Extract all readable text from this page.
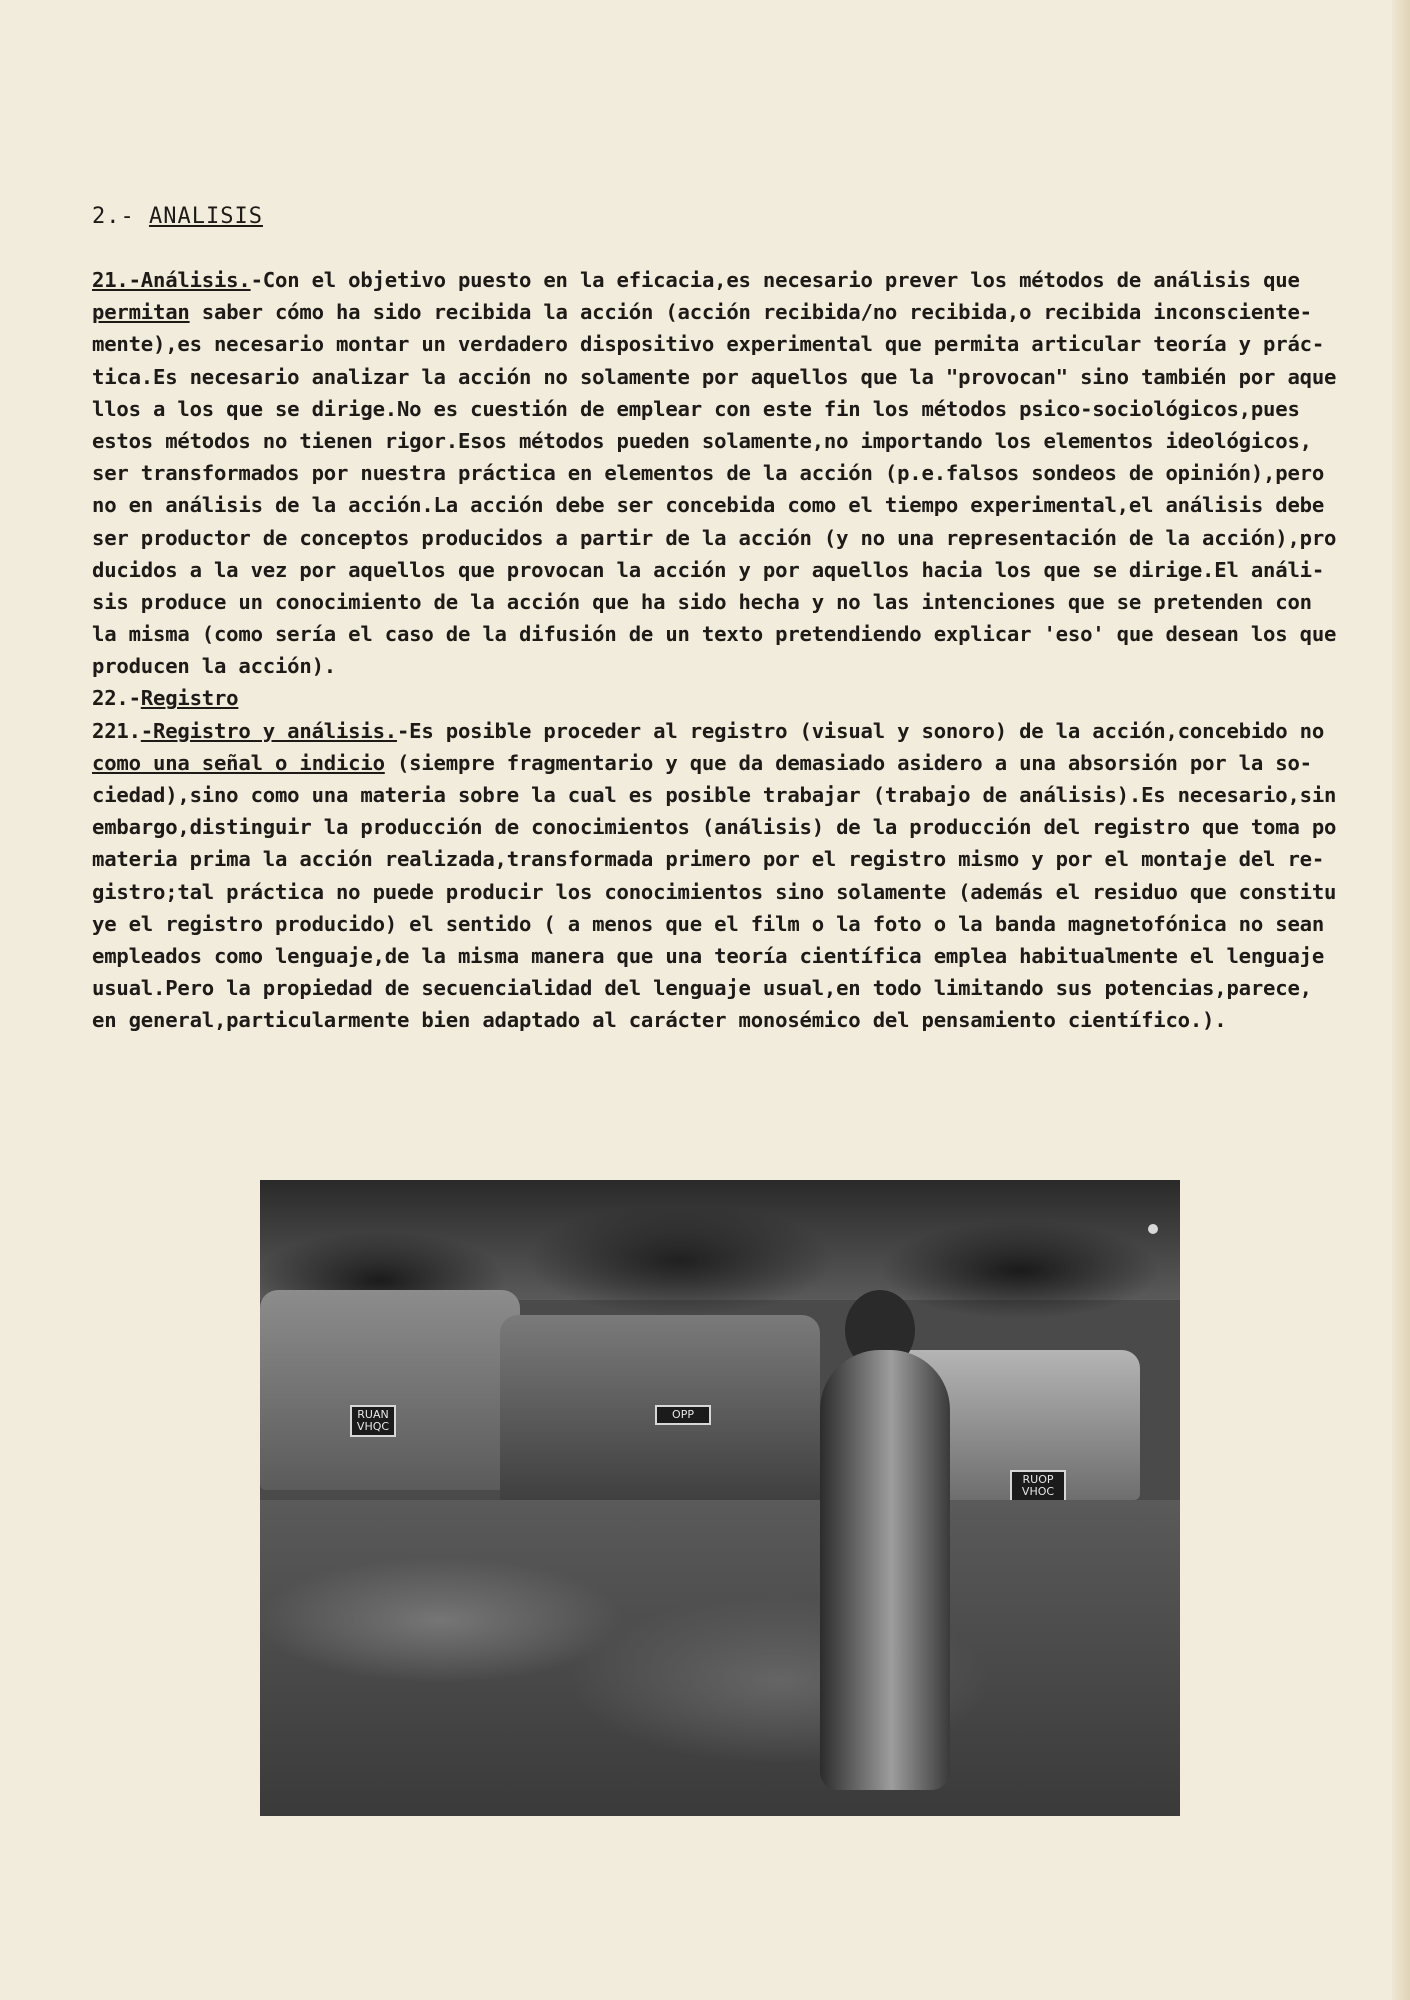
2.- ANALISIS
21.-Análisis.-Con el objetivo puesto en la eficacia,es necesario prever los métodos de análisis que
permitan saber cómo ha sido recibida la acción (acción recibida/no recibida,o recibida inconsciente-
mente),es necesario montar un verdadero dispositivo experimental que permita articular teoría y prác-
tica.Es necesario analizar la acción no solamente por aquellos que la "provocan" sino también por aque
llos a los que se dirige.No es cuestión de emplear con este fin los métodos psico-sociológicos,pues
estos métodos no tienen rigor.Esos métodos pueden solamente,no importando los elementos ideológicos,
ser transformados por nuestra práctica en elementos de la acción (p.e.falsos sondeos de opinión),pero
no en análisis de la acción.La acción debe ser concebida como el tiempo experimental,el análisis debe
ser productor de conceptos producidos a partir de la acción (y no una representación de la acción),pro
ducidos a la vez por aquellos que provocan la acción y por aquellos hacia los que se dirige.El análi-
sis produce un conocimiento de la acción que ha sido hecha y no las intenciones que se pretenden con
la misma (como sería el caso de la difusión de un texto pretendiendo explicar 'eso' que desean los que
producen la acción).
22.-Registro
221.-Registro y análisis.-Es posible proceder al registro (visual y sonoro) de la acción,concebido no
como una señal o indicio (siempre fragmentario y que da demasiado asidero a una absorsión por la so-
ciedad),sino como una materia sobre la cual es posible trabajar (trabajo de análisis).Es necesario,sin
embargo,distinguir la producción de conocimientos (análisis) de la producción del registro que toma po
materia prima la acción realizada,transformada primero por el registro mismo y por el montaje del re-
gistro;tal práctica no puede producir los conocimientos sino solamente (además el residuo que constitu
ye el registro producido) el sentido ( a menos que el film o la foto o la banda magnetofónica no sean
empleados como lenguaje,de la misma manera que una teoría científica emplea habitualmente el lenguaje
usual.Pero la propiedad de secuencialidad del lenguaje usual,en todo limitando sus potencias,parece,
en general,particularmente bien adaptado al carácter monosémico del pensamiento científico.).
RUAN VHQC
OPP
RUOP VHOC
